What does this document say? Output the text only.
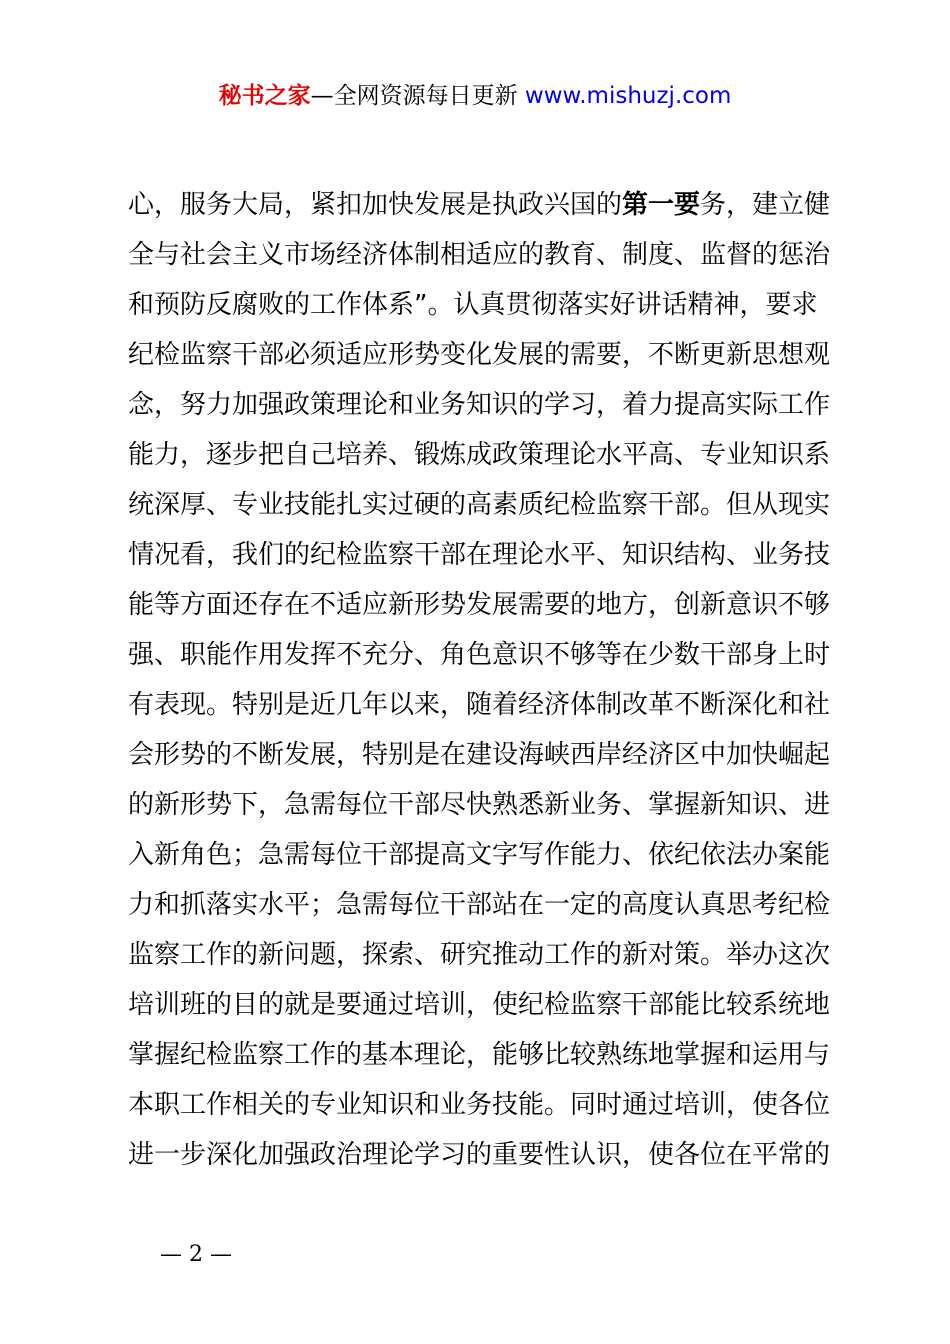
秘书之家—全网资源每日更新 www.mishuzj.com
心，服务大局，紧扣加快发展是执政兴国的第一要务，建立健
全与社会主义市场经济体制相适应的教育、制度、监督的惩治
和预防反腐败的工作体系”。认真贯彻落实好讲话精神，要求
纪检监察干部必须适应形势变化发展的需要，不断更新思想观
念，努力加强政策理论和业务知识的学习，着力提高实际工作
能力，逐步把自己培养、锻炼成政策理论水平高、专业知识系
统深厚、专业技能扎实过硬的高素质纪检监察干部。但从现实
情况看，我们的纪检监察干部在理论水平、知识结构、业务技
能等方面还存在不适应新形势发展需要的地方，创新意识不够
强、职能作用发挥不充分、角色意识不够等在少数干部身上时
有表现。特别是近几年以来，随着经济体制改革不断深化和社
会形势的不断发展，特别是在建设海峡西岸经济区中加快崛起
的新形势下，急需每位干部尽快熟悉新业务、掌握新知识、进
入新角色；急需每位干部提高文字写作能力、依纪依法办案能
力和抓落实水平；急需每位干部站在一定的高度认真思考纪检
监察工作的新问题，探索、研究推动工作的新对策。举办这次
培训班的目的就是要通过培训，使纪检监察干部能比较系统地
掌握纪检监察工作的基本理论，能够比较熟练地掌握和运用与
本职工作相关的专业知识和业务技能。同时通过培训，使各位
进一步深化加强政治理论学习的重要性认识，使各位在平常的
— 2 —
